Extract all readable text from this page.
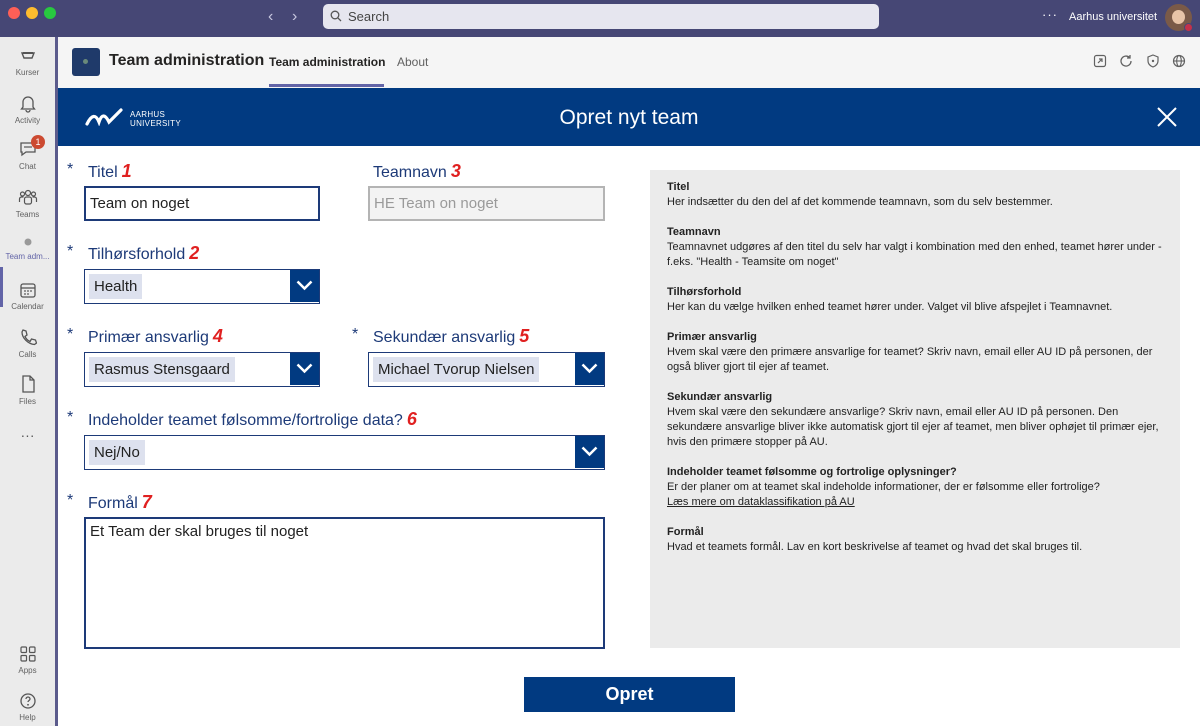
‹ ›	Search	··· Aarhus universitet
Kurser
Activity
1
Chat
Teams
Team adm...
Calendar
Calls
Files
···
Apps
Help
Team administration Team administration About
AARHUS
UNIVERSITY	Opret nyt team
* Titel 1
Team on noget
Teamnavn 3
HE Team on noget
* Tilhørsforhold 2
Health
* Primær ansvarlig 4
Rasmus Stensgaard
* Sekundær ansvarlig 5
Michael Tvorup Nielsen
* Indeholder teamet følsomme/fortrolige data? 6
Nej/No
* Formål 7
Et Team der skal bruges til noget
Titel
Her indsætter du den del af det kommende teamnavn, som du selv bestemmer.
Teamnavn
Teamnavnet udgøres af den titel du selv har valgt i kombination med den enhed, teamet hører under - f.eks. "Health - Teamsite om noget"
Tilhørsforhold
Her kan du vælge hvilken enhed teamet hører under. Valget vil blive afspejlet i Teamnavnet.
Primær ansvarlig
Hvem skal være den primære ansvarlige for teamet? Skriv navn, email eller AU ID på personen, der også bliver gjort til ejer af teamet.
Sekundær ansvarlig
Hvem skal være den sekundære ansvarlige? Skriv navn, email eller AU ID på personen. Den sekundære ansvarlige bliver ikke automatisk gjort til ejer af teamet, men bliver ophøjet til primær ejer, hvis den primære stopper på AU.
Indeholder teamet følsomme og fortrolige oplysninger?
Er der planer om at teamet skal indeholde informationer, der er følsomme eller fortrolige?
Læs mere om dataklassifikation på AU
Formål
Hvad et teamets formål. Lav en kort beskrivelse af teamet og hvad det skal bruges til.
Opret
